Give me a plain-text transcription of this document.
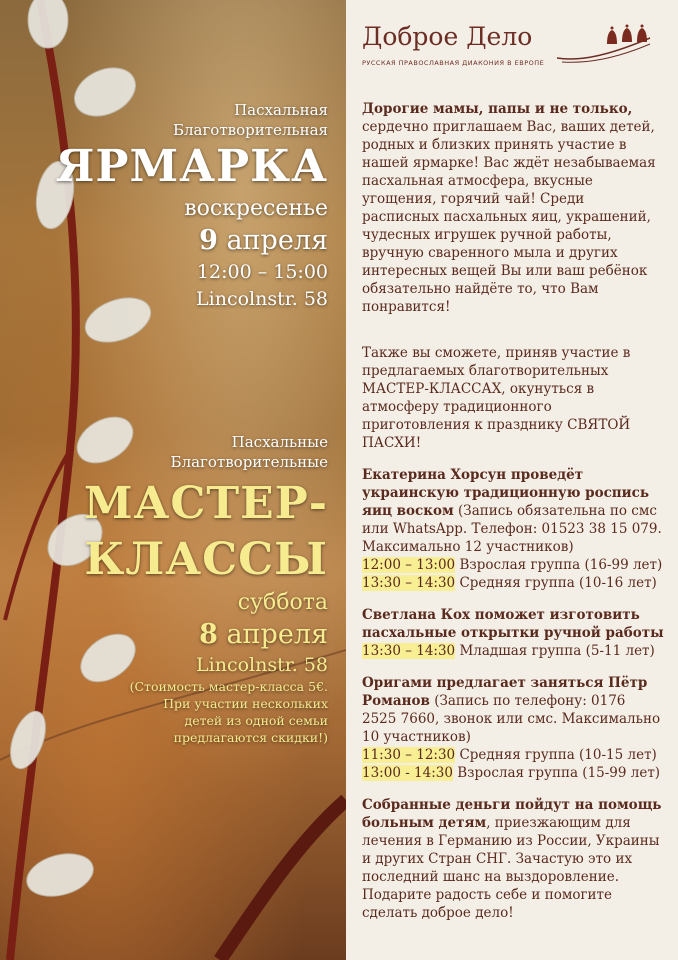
Пасхальная
Благотворительная
ЯРМАРКА
воскресенье
9 апреля
12:00 – 15:00
Lincolnstr. 58
Пасхальные
Благотворительные
МАСТЕР-
КЛАССЫ
суббота
8 апреля
Lincolnstr. 58
(Стоимость мастер-класса 5€.
При участии нескольких
детей из одной семьи
предлагаются скидки!)
Доброе Дело
РУССКАЯ ПРАВОСЛАВНАЯ ДИАКОНИЯ В ЕВРОПЕ

Дорогие мамы, папы и не только, сердечно приглашаем Вас, ваших детей, родных и близких принять участие в нашей ярмарке! Вас ждёт незабываемая пасхальная атмосфера, вкусные угощения, горячий чай! Среди расписных пасхальных яиц, украшений, чудесных игрушек ручной работы, вручную сваренного мыла и других интересных вещей Вы или ваш ребёнок обязательно найдёте то, что Вам понравится!

Также вы сможете, приняв участие в предлагаемых благотворительных МАСТЕР-КЛАССАХ, окунуться в атмосферу традиционного приготовления к празднику СВЯТОЙ ПАСХИ!

Екатерина Хорсун проведёт украинскую традиционную роспись яиц воском (Запись обязательна по смс или WhatsApp. Телефон: 01523 38 15 079. Максимально 12 участников)
12:00 – 13:00 Взрослая группа (16-99 лет)
13:30 – 14:30 Средняя группа (10-16 лет)

Светлана Кох поможет изготовить пасхальные открытки ручной работы
13:30 – 14:30 Младшая группа (5-11 лет)

Оригами предлагает заняться Пётр Романов (Запись по телефону: 0176 2525 7660, звонок или смс. Максимально 10 участников)
11:30 – 12:30 Средняя группа (10-15 лет)
13:00 - 14:30 Взрослая группа (15-99 лет)

Собранные деньги пойдут на помощь больным детям, приезжающим для лечения в Германию из России, Украины и других Стран СНГ. Зачастую это их последний шанс на выздоровление. Подарите радость себе и помогите сделать доброе дело!
